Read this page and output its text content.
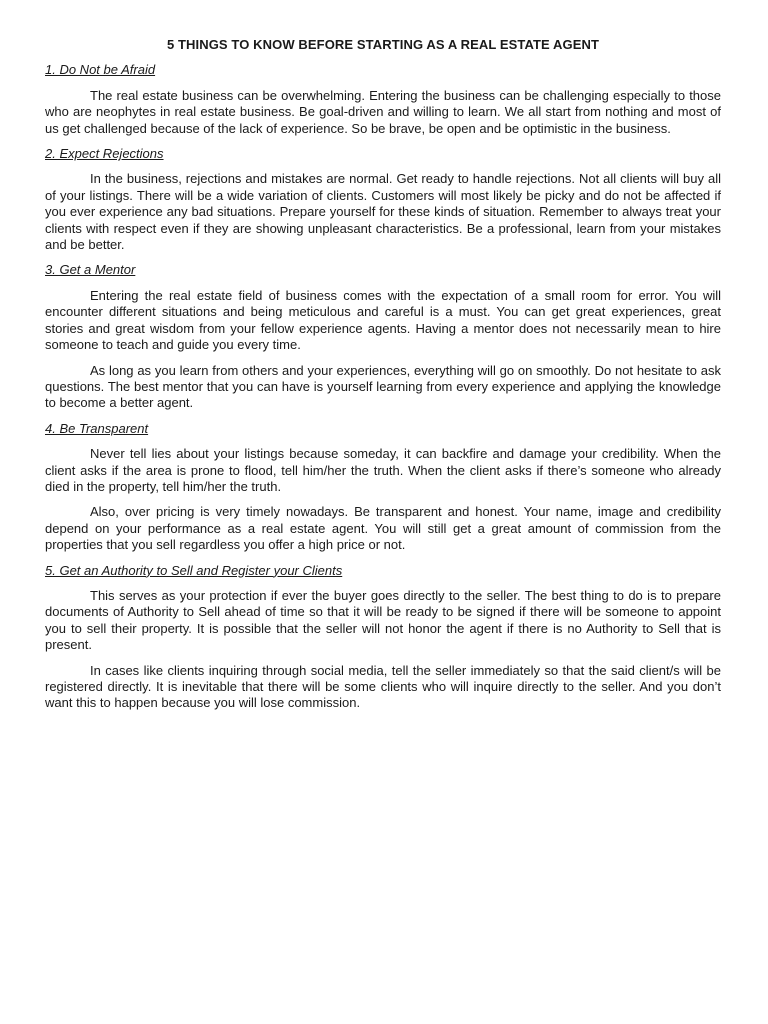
5 THINGS TO KNOW BEFORE STARTING AS A REAL ESTATE AGENT
1. Do Not be Afraid

The real estate business can be overwhelming. Entering the business can be challenging especially to those who are neophytes in real estate business. Be goal-driven and willing to learn. We all start from nothing and most of us get challenged because of the lack of experience. So be brave, be open and be optimistic in the business.

2. Expect Rejections

In the business, rejections and mistakes are normal. Get ready to handle rejections. Not all clients will buy all of your listings. There will be a wide variation of clients. Customers will most likely be picky and do not be affected if you ever experience any bad situations. Prepare yourself for these kinds of situation. Remember to always treat your clients with respect even if they are showing unpleasant characteristics. Be a professional, learn from your mistakes and be better.

3. Get a Mentor

Entering the real estate field of business comes with the expectation of a small room for error. You will encounter different situations and being meticulous and careful is a must. You can get great experiences, great stories and great wisdom from your fellow experience agents. Having a mentor does not necessarily mean to hire someone to teach and guide you every time.

As long as you learn from others and your experiences, everything will go on smoothly. Do not hesitate to ask questions. The best mentor that you can have is yourself learning from every experience and applying the knowledge to become a better agent.

4. Be Transparent

Never tell lies about your listings because someday, it can backfire and damage your credibility. When the client asks if the area is prone to flood, tell him/her the truth. When the client asks if there’s someone who already died in the property, tell him/her the truth.

Also, over pricing is very timely nowadays. Be transparent and honest. Your name, image and credibility depend on your performance as a real estate agent. You will still get a great amount of commission from the properties that you sell regardless you offer a high price or not.

5. Get an Authority to Sell and Register your Clients

This serves as your protection if ever the buyer goes directly to the seller. The best thing to do is to prepare documents of Authority to Sell ahead of time so that it will be ready to be signed if there will be someone to appoint you to sell their property. It is possible that the seller will not honor the agent if there is no Authority to Sell that is present.

In cases like clients inquiring through social media, tell the seller immediately so that the said client/s will be registered directly. It is inevitable that there will be some clients who will inquire directly to the seller. And you don’t want this to happen because you will lose commission.
